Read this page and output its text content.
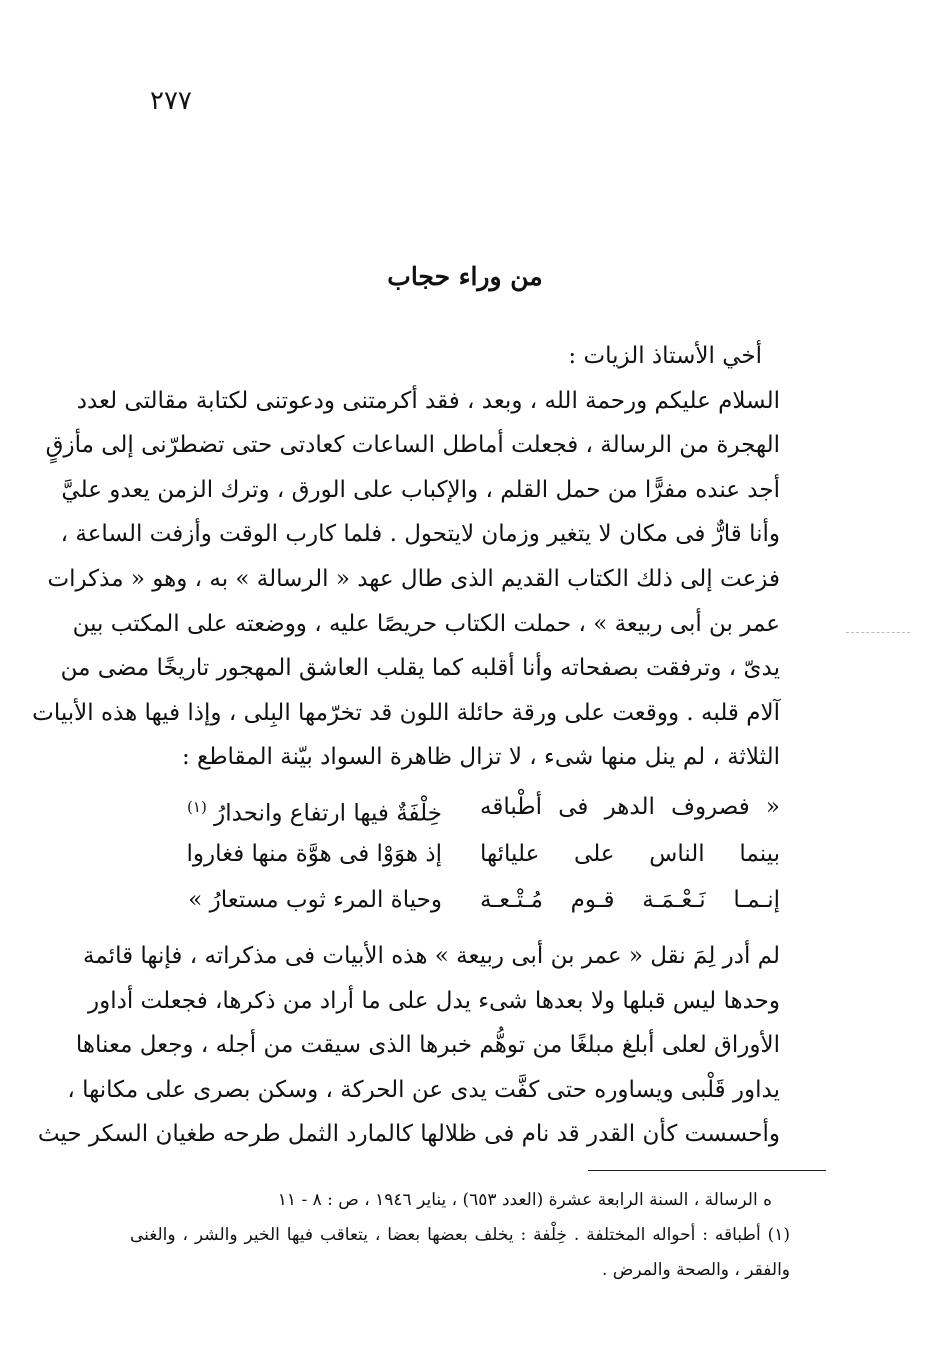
٢٧٧
من وراء حجاب
أخي الأستاذ الزيات :
السلام عليكم ورحمة الله ، وبعد ، فقد أكرمتنى ودعوتنى لكتابة مقالتى لعدد
الهجرة من الرسالة ، فجعلت أماطل الساعات كعادتى حتى تضطرّنى إلى مأزقٍ
أجد عنده مفرًّا من حمل القلم ، والإكباب على الورق ، وترك الزمن يعدو عليَّ
وأنا قارٌّ فى مكان لا يتغير وزمان لايتحول . فلما كارب الوقت وأزفت الساعة ،
فزعت إلى ذلك الكتاب القديم الذى طال عهد « الرسالة » به ، وهو « مذكرات
عمر بن أبى ربيعة » ، حملت الكتاب حريصًا عليه ، ووضعته على المكتب بين
يدىّ ، وترفقت بصفحاته وأنا أقلبه كما يقلب العاشق المهجور تاريخًا مضى من
آلام قلبه . ووقعت على ورقة حائلة اللون قد تخرّمها البِلى ، وإذا فيها هذه الأبيات
الثلاثة ، لم ينل منها شىء ، لا تزال ظاهرة السواد بيّنة المقاطع :
« فصروف الدهر فى أطْباقه
خِلْفَةٌ فيها ارتفاع وانحدارُ $^{(١)}$
بينما الناس على عليائها
إذ هوَوْا فى هوَّة منها فغاروا
إنـمـا نَـعْـمَـة قـوم مُـتْـعـة
وحياة المرء ثوب مستعارُ »
لم أدر لِمَ نقل « عمر بن أبى ربيعة » هذه الأبيات فى مذكراته ، فإنها قائمة
وحدها ليس قبلها ولا بعدها شىء يدل على ما أراد من ذكرها، فجعلت أداور
الأوراق لعلى أبلغ مبلغًا من توهُّم خبرها الذى سيقت من أجله ، وجعل معناها
يداور قَلْبى ويساوره حتى كفَّت يدى عن الحركة ، وسكن بصرى على مكانها ،
وأحسست كأن القدر قد نام فى ظلالها كالمارد الثمل طرحه طغيان السكر حيث
ه الرسالة ، السنة الرابعة عشرة (العدد ٦٥٣) ، يناير ١٩٤٦ ، ص : ٨ - ١١
(١) أطباقه : أحواله المختلفة . خِلْفة : يخلف بعضها بعضا ، يتعاقب فيها الخير والشر ، والغنى
والفقر ، والصحة والمرض .
